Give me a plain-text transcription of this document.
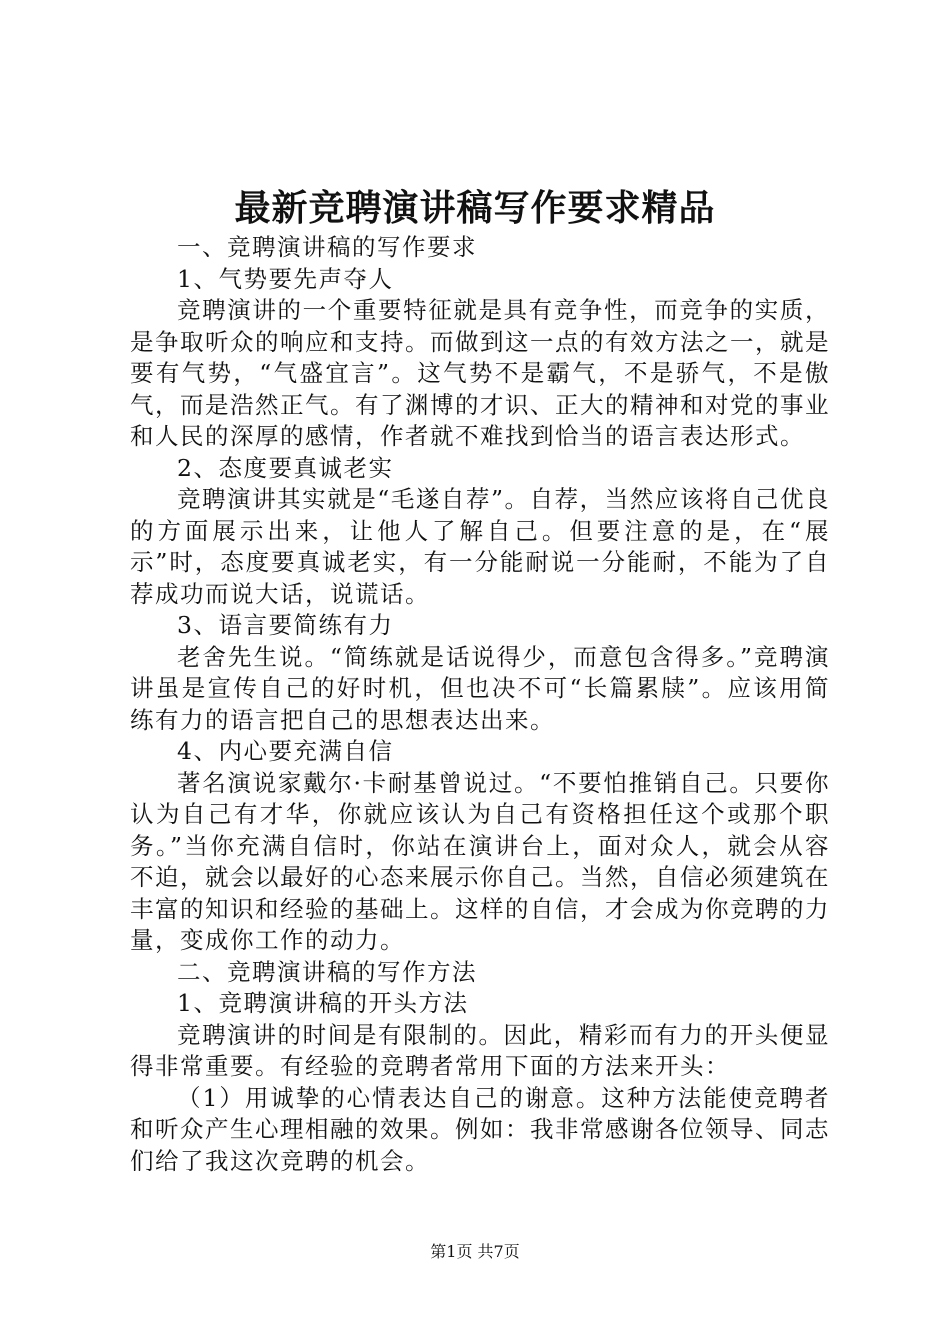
最新竞聘演讲稿写作要求精品

一、竞聘演讲稿的写作要求

1、气势要先声夺人

竞聘演讲的一个重要特征就是具有竞争性，而竞争的实质，是争取听众的响应和支持。而做到这一点的有效方法之一，就是要有气势，“气盛宜言”。这气势不是霸气，不是骄气，不是傲气，而是浩然正气。有了渊博的才识、正大的精神和对党的事业和人民的深厚的感情，作者就不难找到恰当的语言表达形式。

2、态度要真诚老实

竞聘演讲其实就是“毛遂自荐”。自荐，当然应该将自己优良的方面展示出来，让他人了解自己。但要注意的是，在“展示”时，态度要真诚老实，有一分能耐说一分能耐，不能为了自荐成功而说大话，说谎话。

3、语言要简练有力

老舍先生说。“简练就是话说得少，而意包含得多。”竞聘演讲虽是宣传自己的好时机，但也决不可“长篇累牍”。应该用简练有力的语言把自己的思想表达出来。

4、内心要充满自信

著名演说家戴尔·卡耐基曾说过。“不要怕推销自己。只要你认为自己有才华，你就应该认为自己有资格担任这个或那个职务。”当你充满自信时，你站在演讲台上，面对众人，就会从容不迫，就会以最好的心态来展示你自己。当然，自信必须建筑在丰富的知识和经验的基础上。这样的自信，才会成为你竞聘的力量，变成你工作的动力。

二、竞聘演讲稿的写作方法

1、竞聘演讲稿的开头方法

竞聘演讲的时间是有限制的。因此，精彩而有力的开头便显得非常重要。有经验的竞聘者常用下面的方法来开头：

（1）用诚挚的心情表达自己的谢意。这种方法能使竞聘者和听众产生心理相融的效果。例如：我非常感谢各位领导、同志们给了我这次竞聘的机会。

第1页 共7页
